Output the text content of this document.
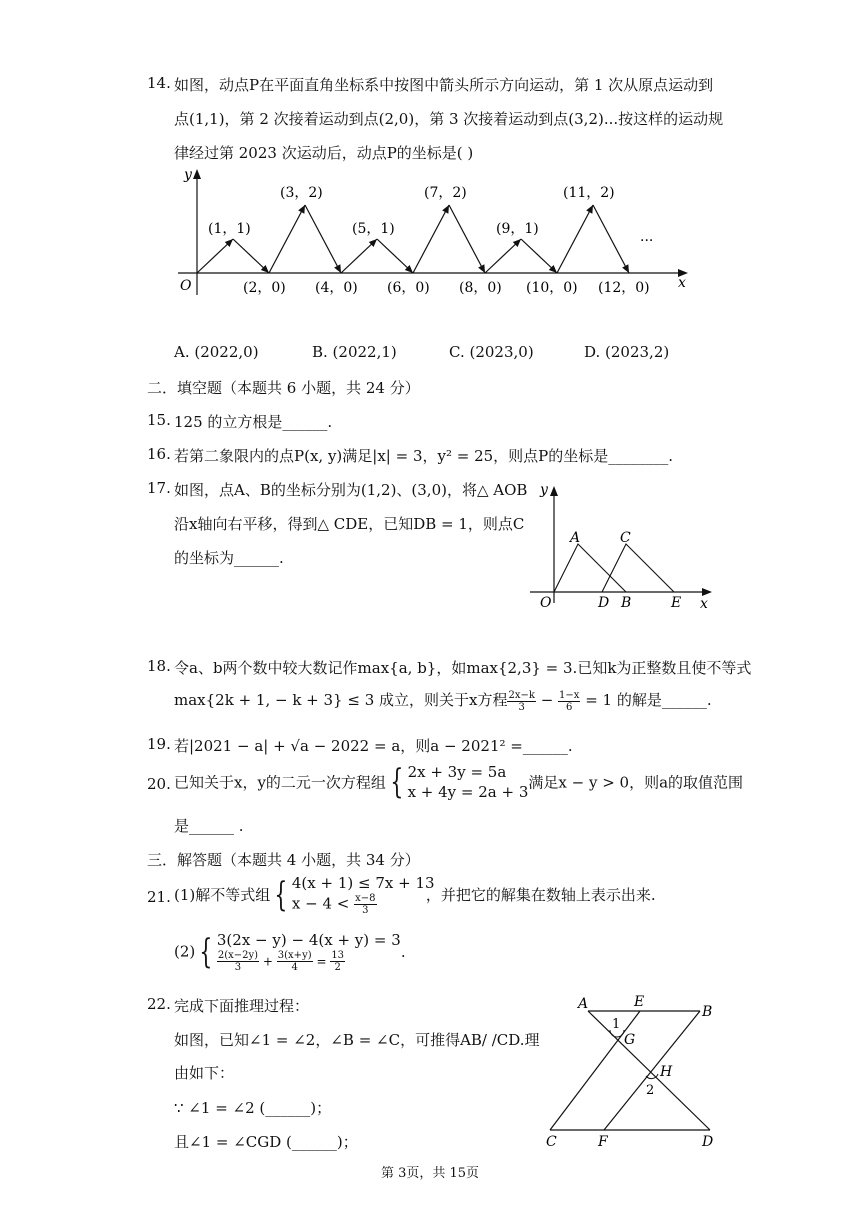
14. 如图，动点P在平面直角坐标系中按图中箭头所示方向运动，第 1 次从原点运动到
点(1,1)，第 2 次接着运动到点(2,0)，第 3 次接着运动到点(3,2)...按这样的运动规
律经过第 2023 次运动后，动点P的坐标是( )
y
x
O
···
(1，1)
(3，2)
(5，1)
(7，2)
(9，1)
(11，2)
(2，0) (4，0) (6，0) (8，0) (10，0) (12，0)
A. (2022,0)	B. (2022,1)	C. (2023,0)	D. (2023,2)
二．填空题（本题共 6 小题，共 24 分）
15. 125 的立方根是______.
16. 若第二象限内的点P(x, y)满足|x| = 3，y² = 25，则点P的坐标是________.
17. 如图，点A、B的坐标分别为(1,2)、(3,0)，将△ AOB
沿x轴向右平移，得到△ CDE，已知DB = 1，则点C
的坐标为______.
y
x
O
A	C
D B	E
18. 令a、b两个数中较大数记作max{a, b}，如max{2,3} = 3.已知k为正整数且使不等式
max{2k + 1, − k + 3} ≤ 3 成立，则关于x方程 $\frac{2x-k}{3} - \frac{1-x}{6} = 1$ 的解是______.
19. 若|2021 − a| + √a − 2022 = a，则a − 2021² =______.
20. 已知关于x，y的二元一次方程组 { 2x + 3y = 5a
x + 4y = 2a + 3
满足x − y > 0，则a的取值范围
是______ .
三．解答题（本题共 4 小题，共 34 分）
21. (1)解不等式组 { 4(x + 1) ≤ 7x + 13
$x - 4 < \frac{x-8}{3}$	，并把它的解集在数轴上表示出来.
(2) { 3(2x − y) − 4(x + y) = 3
$\frac{2(x-2y)}{3} + \frac{3(x+y)}{4} = \frac{13}{2}$	.
22. 完成下面推理过程：
如图，已知∠1 = ∠2，∠B = ∠C，可推得AB/ /CD.理
由如下：
∵ ∠1 = ∠2 (______)；
且∠1 = ∠CGD (______)；
A	E
B
1
G
H
2
C	F	D
第 3页，共 15页
